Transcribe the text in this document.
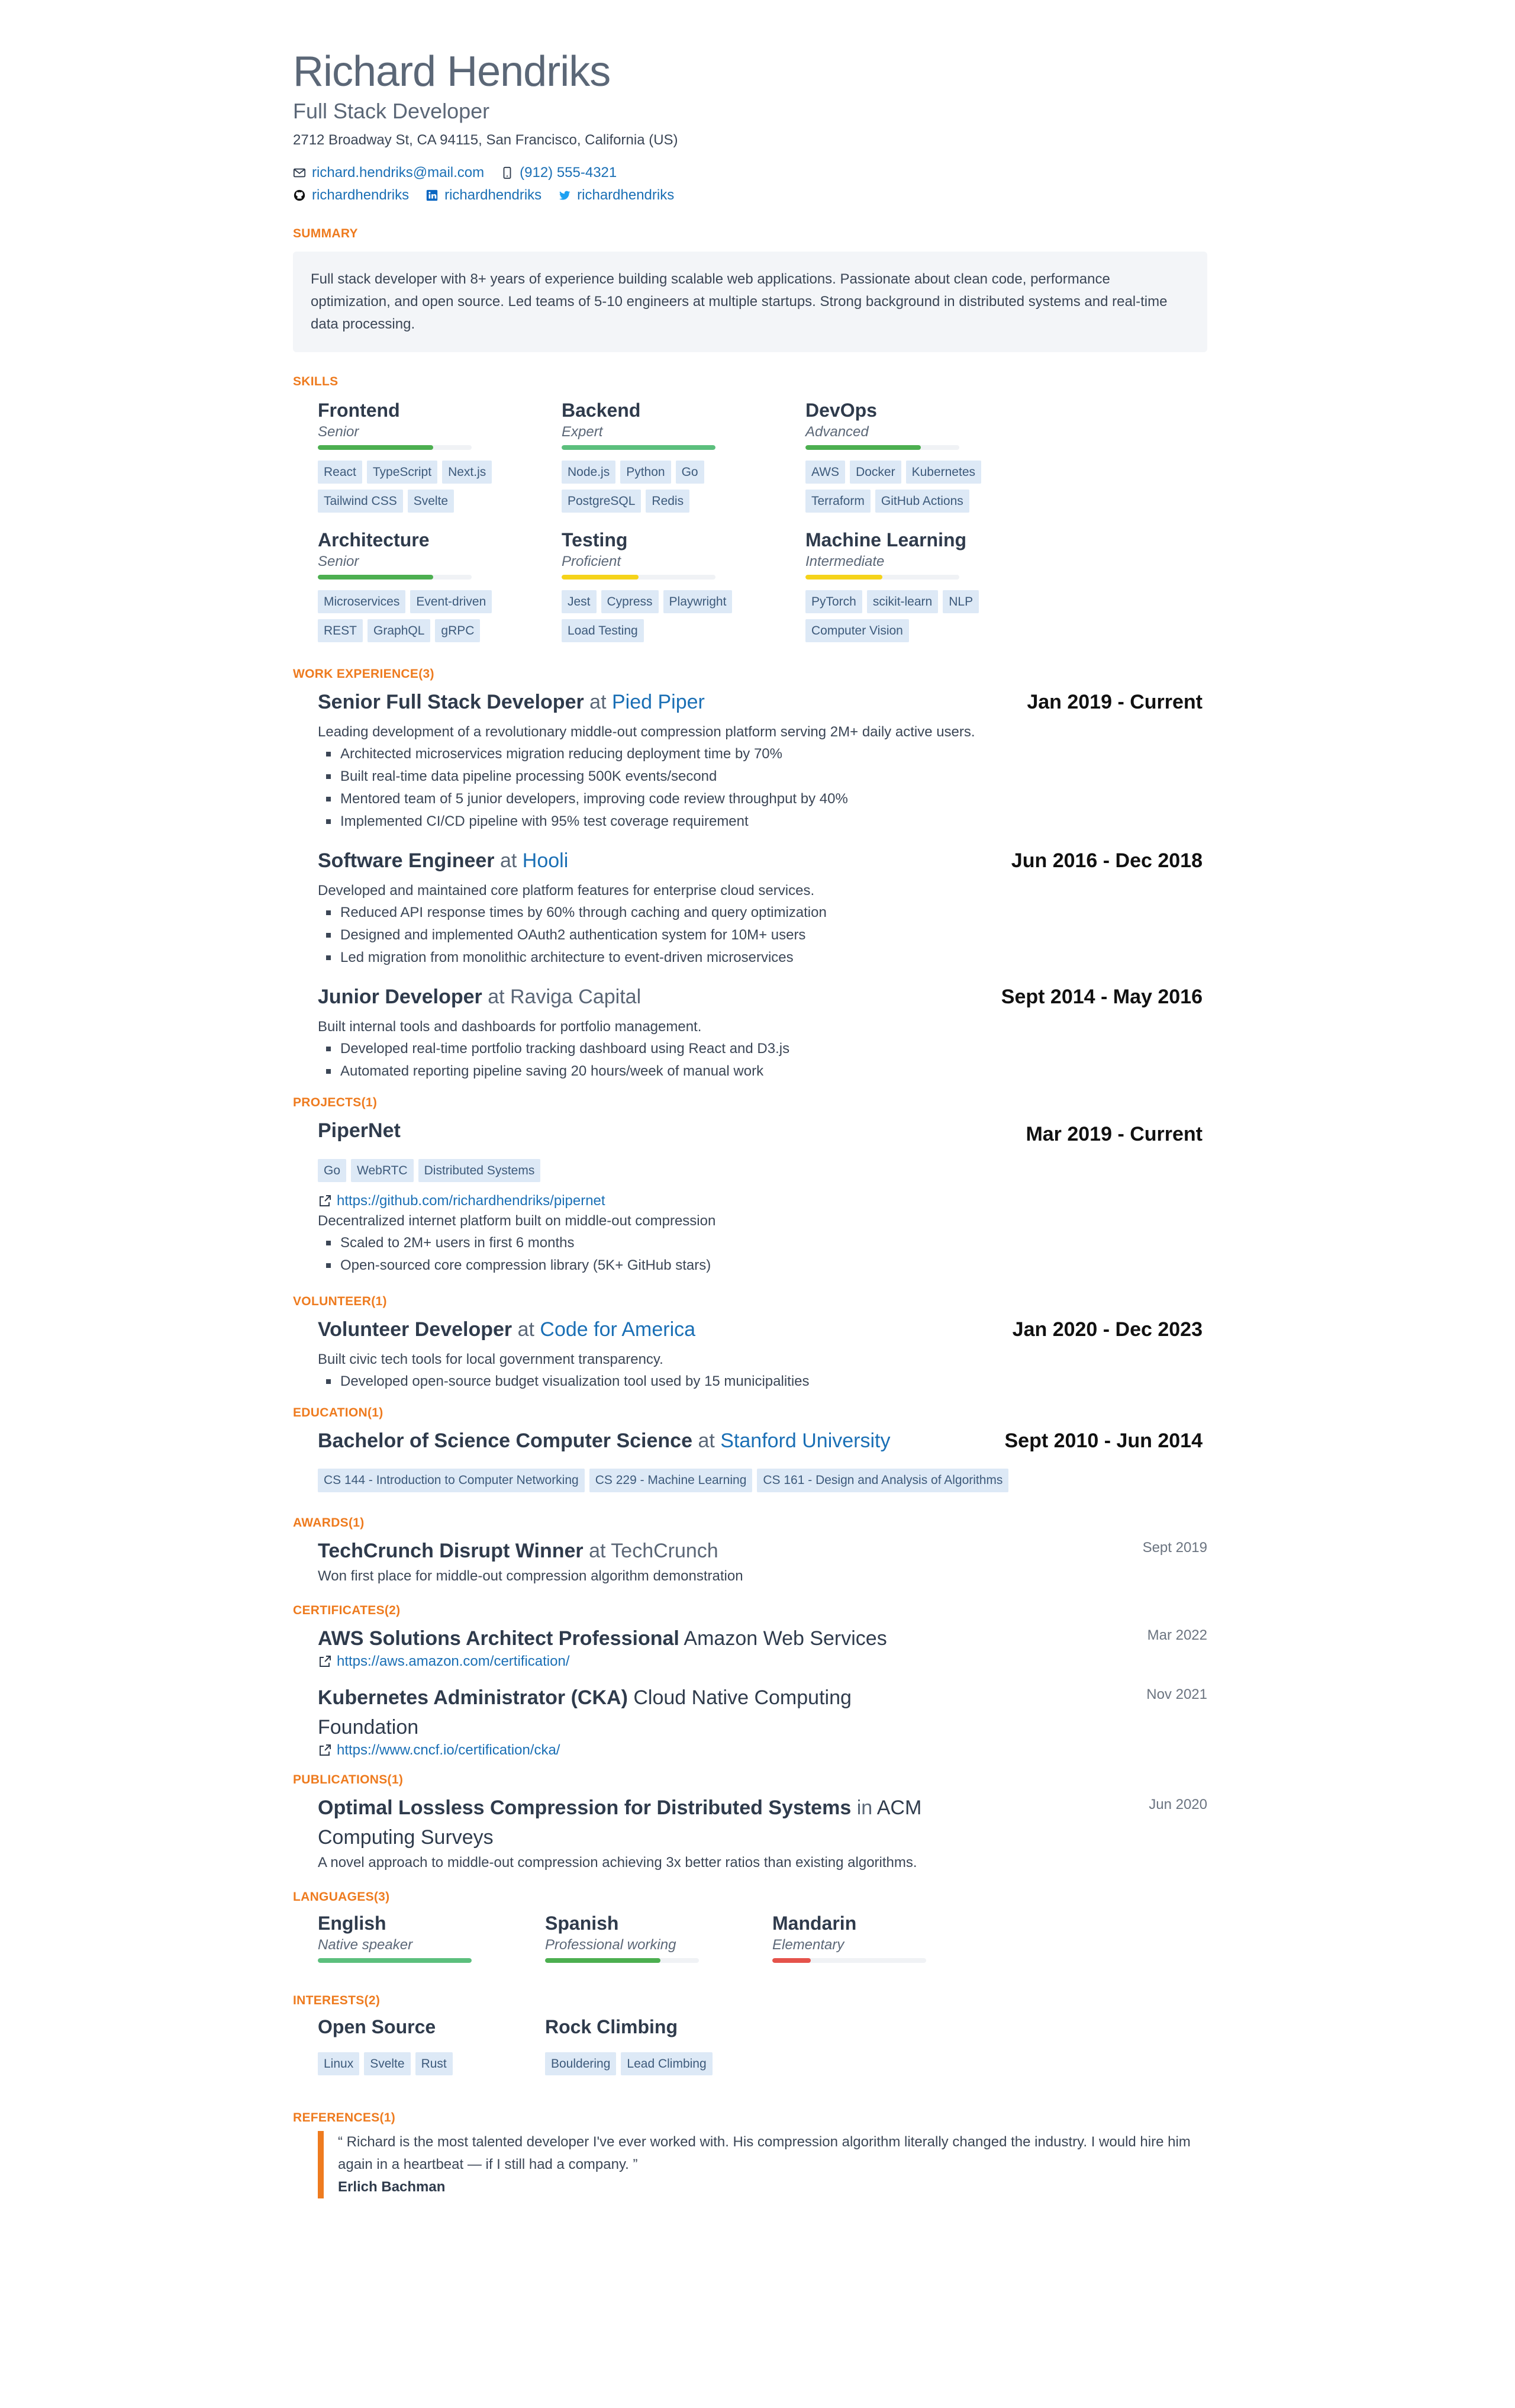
Richard Hendriks
Full Stack Developer
2712 Broadway St, CA 94115, San Francisco, California (US)
richard.hendriks@mail.com	(912) 555-4321
richardhendriks	richardhendriks	richardhendriks
SUMMARY
Full stack developer with 8+ years of experience building scalable web applications. Passionate about clean code, performance optimization, and open source. Led teams of 5-10 engineers at multiple startups. Strong background in distributed systems and real-time data processing.
SKILLS
Frontend
Senior
React	TypeScript	Next.js
Tailwind CSS	Svelte
Backend
Expert
Node.js	Python	Go
PostgreSQL	Redis
DevOps
Advanced
AWS	Docker	Kubernetes
Terraform	GitHub Actions
Architecture
Senior
Microservices	Event-driven
REST	GraphQL	gRPC
Testing
Proficient
Jest	Cypress	Playwright
Load Testing
Machine Learning
Intermediate
PyTorch	scikit-learn	NLP
Computer Vision
WORK EXPERIENCE(3)
Senior Full Stack Developer at Pied Piper	Jan 2019 - Current
Leading development of a revolutionary middle-out compression platform serving 2M+ daily active users.
Architected microservices migration reducing deployment time by 70%
Built real-time data pipeline processing 500K events/second
Mentored team of 5 junior developers, improving code review throughput by 40%
Implemented CI/CD pipeline with 95% test coverage requirement
Software Engineer at Hooli	Jun 2016 - Dec 2018
Developed and maintained core platform features for enterprise cloud services.
Reduced API response times by 60% through caching and query optimization
Designed and implemented OAuth2 authentication system for 10M+ users
Led migration from monolithic architecture to event-driven microservices
Junior Developer at Raviga Capital	Sept 2014 - May 2016
Built internal tools and dashboards for portfolio management.
Developed real-time portfolio tracking dashboard using React and D3.js
Automated reporting pipeline saving 20 hours/week of manual work
PROJECTS(1)
PiperNet	Mar 2019 - Current
Go	WebRTC	Distributed Systems
https://github.com/richardhendriks/pipernet
Decentralized internet platform built on middle-out compression
Scaled to 2M+ users in first 6 months
Open-sourced core compression library (5K+ GitHub stars)
VOLUNTEER(1)
Volunteer Developer at Code for America	Jan 2020 - Dec 2023
Built civic tech tools for local government transparency.
Developed open-source budget visualization tool used by 15 municipalities
EDUCATION(1)
Bachelor of Science Computer Science at Stanford University	Sept 2010 - Jun 2014
CS 144 - Introduction to Computer Networking	CS 229 - Machine Learning	CS 161 - Design and Analysis of Algorithms
AWARDS(1)
TechCrunch Disrupt Winner at TechCrunch	Sept 2019
Won first place for middle-out compression algorithm demonstration
CERTIFICATES(2)
AWS Solutions Architect Professional Amazon Web Services	Mar 2022
https://aws.amazon.com/certification/
Kubernetes Administrator (CKA) Cloud Native Computing Foundation
Nov 2021
https://www.cncf.io/certification/cka/
PUBLICATIONS(1)
Optimal Lossless Compression for Distributed Systems in ACM Computing Surveys
Jun 2020
A novel approach to middle-out compression achieving 3x better ratios than existing algorithms.
LANGUAGES(3)
English
Native speaker
Spanish
Professional working
Mandarin
Elementary
INTERESTS(2)
Open Source
Linux	Svelte	Rust
Rock Climbing
Bouldering	Lead Climbing
REFERENCES(1)
“ Richard is the most talented developer I've ever worked with. His compression algorithm literally changed the industry. I would hire him again in a heartbeat — if I still had a company. ”
Erlich Bachman
